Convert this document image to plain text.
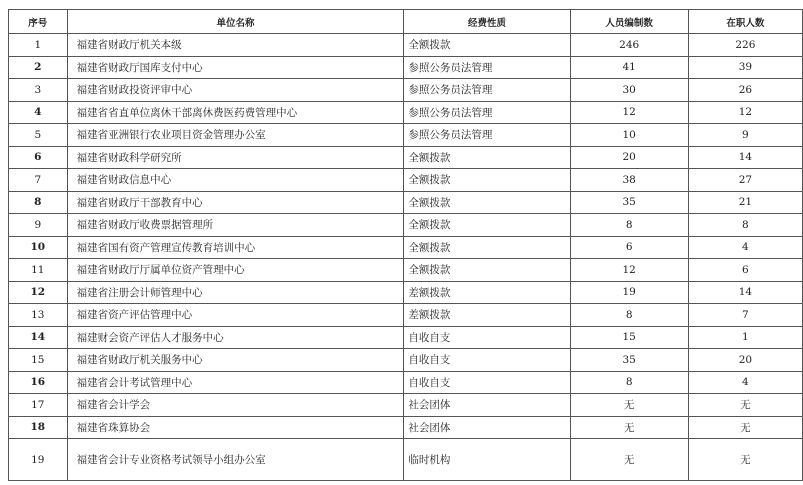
序号	单位名称	经费性质	人员编制数	在职人数
1	福建省财政厅机关本级	全额拨款	246	226
2	福建省财政厅国库支付中心	参照公务员法管理	41	39
3	福建省财政投资评审中心	参照公务员法管理	30	26
4	福建省省直单位离休干部离休费医药费管理中心	参照公务员法管理	12	12
5	福建省亚洲银行农业项目资金管理办公室	参照公务员法管理	10	9
6	福建省财政科学研究所	全额拨款	20	14
7	福建省财政信息中心	全额拨款	38	27
8	福建省财政厅干部教育中心	全额拨款	35	21
9	福建省财政厅收费票据管理所	全额拨款	8	8
10	福建省国有资产管理宣传教育培训中心	全额拨款	6	4
11	福建省财政厅厅属单位资产管理中心	全额拨款	12	6
12	福建省注册会计师管理中心	差额拨款	19	14
13	福建省资产评估管理中心	差额拨款	8	7
14	福建财会资产评估人才服务中心	自收自支	15	1
15	福建省财政厅机关服务中心	自收自支	35	20
16	福建省会计考试管理中心	自收自支	8	4
17	福建省会计学会	社会团体	无	无
18	福建省珠算协会	社会团体	无	无
19	福建省会计专业资格考试领导小组办公室	临时机构	无	无
